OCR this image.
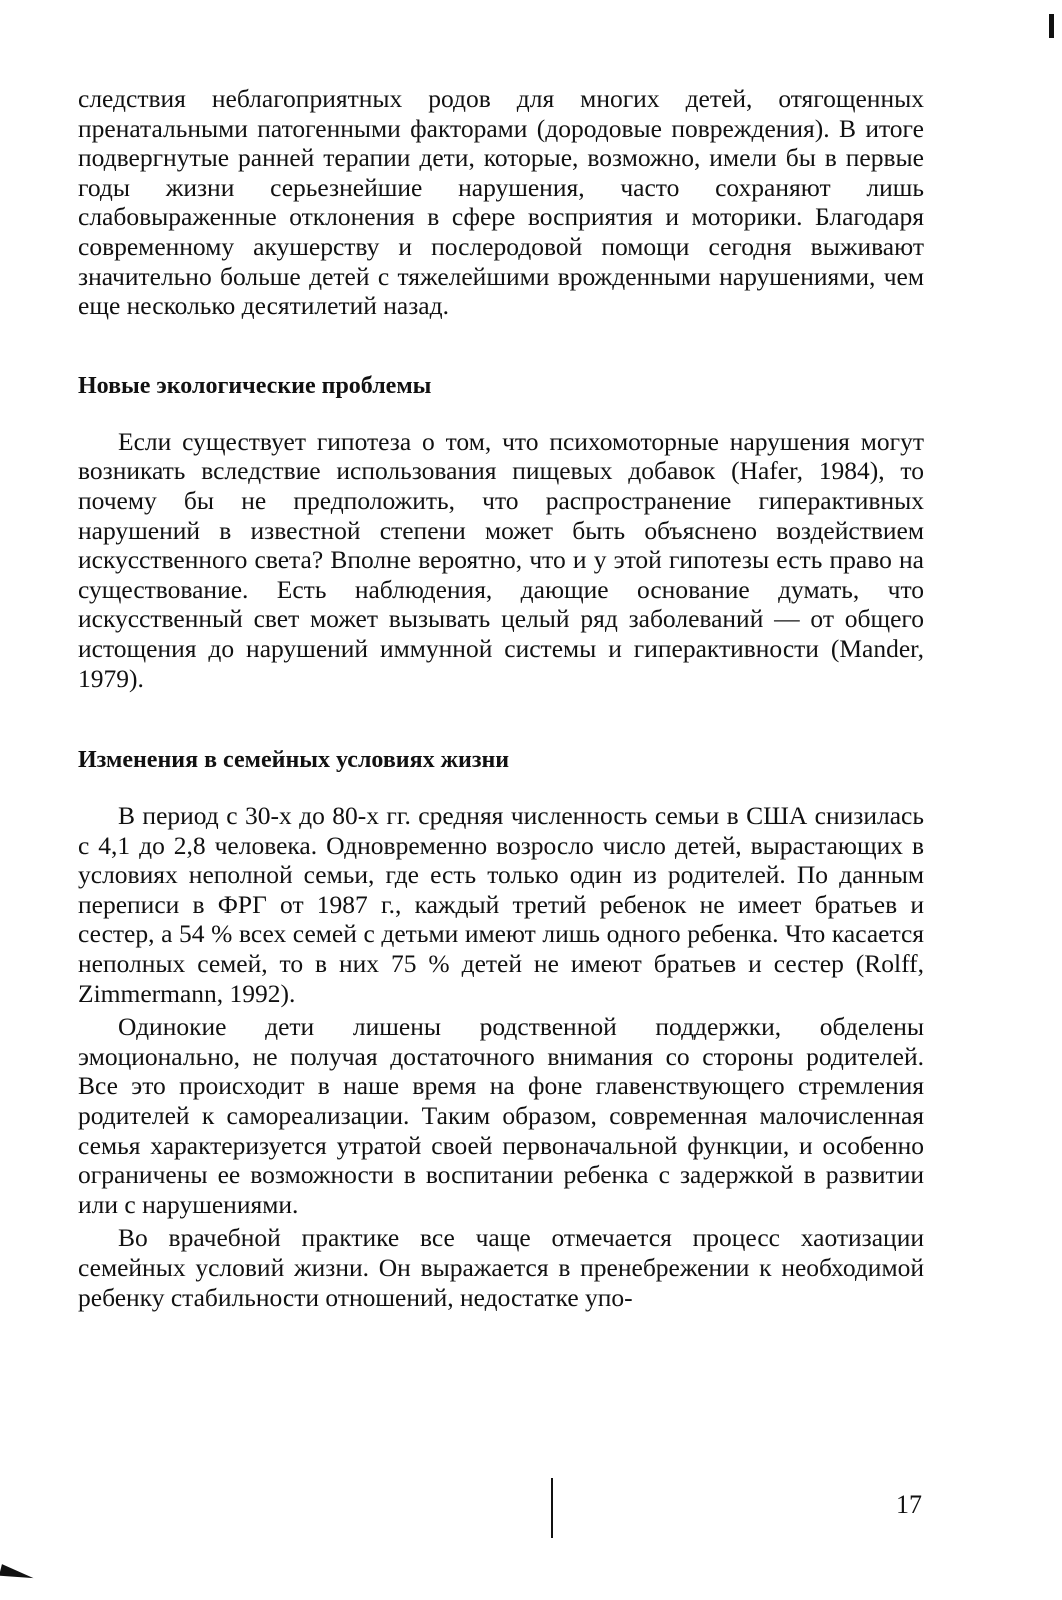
следствия неблагоприятных родов для многих детей, отягощенных пренатальными патогенными факторами (дородовые повреждения). В итоге подвергнутые ранней терапии дети, которые, возможно, имели бы в первые годы жизни серьезнейшие нарушения, часто сохраняют лишь слабовыраженные отклонения в сфере восприятия и моторики. Благодаря современному акушерству и послеродовой помощи сегодня выживают значительно больше детей с тяжелейшими врожденными нарушениями, чем еще несколько десятилетий назад.

Новые экологические проблемы

Если существует гипотеза о том, что психомоторные нарушения могут возникать вследствие использования пищевых добавок (Hafer, 1984), то почему бы не предположить, что распространение гиперактивных нарушений в известной степени может быть объяснено воздействием искусственного света? Вполне вероятно, что и у этой гипотезы есть право на существование. Есть наблюдения, дающие основание думать, что искусственный свет может вызывать целый ряд заболеваний — от общего истощения до нарушений иммунной системы и гиперактивности (Mander, 1979).

Изменения в семейных условиях жизни

В период с 30-х до 80-х гг. средняя численность семьи в США снизилась с 4,1 до 2,8 человека. Одновременно возросло число детей, вырастающих в условиях неполной семьи, где есть только один из родителей. По данным переписи в ФРГ от 1987 г., каждый третий ребенок не имеет братьев и сестер, а 54 % всех семей с детьми имеют лишь одного ребенка. Что касается неполных семей, то в них 75 % детей не имеют братьев и сестер (Rolff, Zimmermann, 1992).

Одинокие дети лишены родственной поддержки, обделены эмоционально, не получая достаточного внимания со стороны родителей. Все это происходит в наше время на фоне главенствующего стремления родителей к самореализации. Таким образом, современная малочисленная семья характеризуется утратой своей первоначальной функции, и особенно ограничены ее возможности в воспитании ребенка с задержкой в развитии или с нарушениями.

Во врачебной практике все чаще отмечается процесс хаотизации семейных условий жизни. Он выражается в пренебрежении к необходимой ребенку стабильности отношений, недостатке упо-

17
